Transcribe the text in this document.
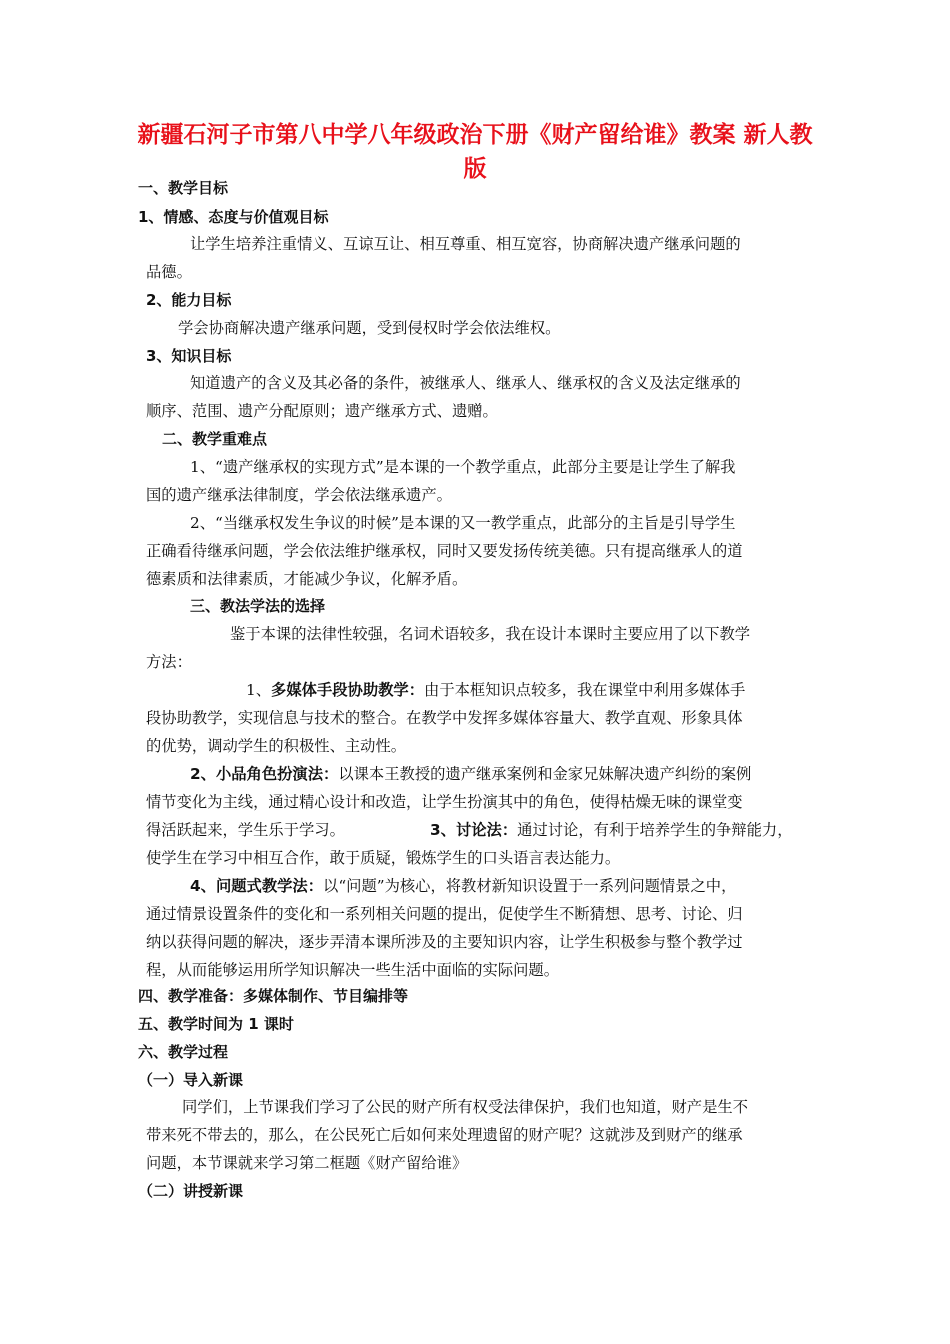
新疆石河子市第八中学八年级政治下册《财产留给谁》教案 新人教
版
一、教学目标
1、情感、态度与价值观目标
让学生培养注重情义、互谅互让、相互尊重、相互宽容，协商解决遗产继承问题的
品德。
2、能力目标
学会协商解决遗产继承问题，受到侵权时学会依法维权。
3、知识目标
知道遗产的含义及其必备的条件，被继承人、继承人、继承权的含义及法定继承的
顺序、范围、遗产分配原则；遗产继承方式、遗赠。
二、教学重难点
1、“遗产继承权的实现方式”是本课的一个教学重点，此部分主要是让学生了解我
国的遗产继承法律制度，学会依法继承遗产。
2、“当继承权发生争议的时候”是本课的又一教学重点，此部分的主旨是引导学生
正确看待继承问题，学会依法维护继承权，同时又要发扬传统美德。只有提高继承人的道
德素质和法律素质，才能减少争议，化解矛盾。
三、教法学法的选择
鉴于本课的法律性较强，名词术语较多，我在设计本课时主要应用了以下教学
方法：
1、多媒体手段协助教学：由于本框知识点较多，我在课堂中利用多媒体手
段协助教学，实现信息与技术的整合。在教学中发挥多媒体容量大、教学直观、形象具体
的优势，调动学生的积极性、主动性。
2、小品角色扮演法：以课本王教授的遗产继承案例和金家兄妹解决遗产纠纷的案例
情节变化为主线，通过精心设计和改造，让学生扮演其中的角色，使得枯燥无味的课堂变
得活跃起来，学生乐于学习。	3、讨论法：通过讨论，有利于培养学生的争辩能力，
使学生在学习中相互合作，敢于质疑，锻炼学生的口头语言表达能力。
4、问题式教学法：以“问题”为核心，将教材新知识设置于一系列问题情景之中，
通过情景设置条件的变化和一系列相关问题的提出，促使学生不断猜想、思考、讨论、归
纳以获得问题的解决，逐步弄清本课所涉及的主要知识内容，让学生积极参与整个教学过
程，从而能够运用所学知识解决一些生活中面临的实际问题。
四、教学准备：多媒体制作、节目编排等
五、教学时间为 1 课时
六、教学过程
（一）导入新课
同学们，上节课我们学习了公民的财产所有权受法律保护，我们也知道，财产是生不
带来死不带去的，那么，在公民死亡后如何来处理遗留的财产呢？这就涉及到财产的继承
问题，本节课就来学习第二框题《财产留给谁》
（二）讲授新课
